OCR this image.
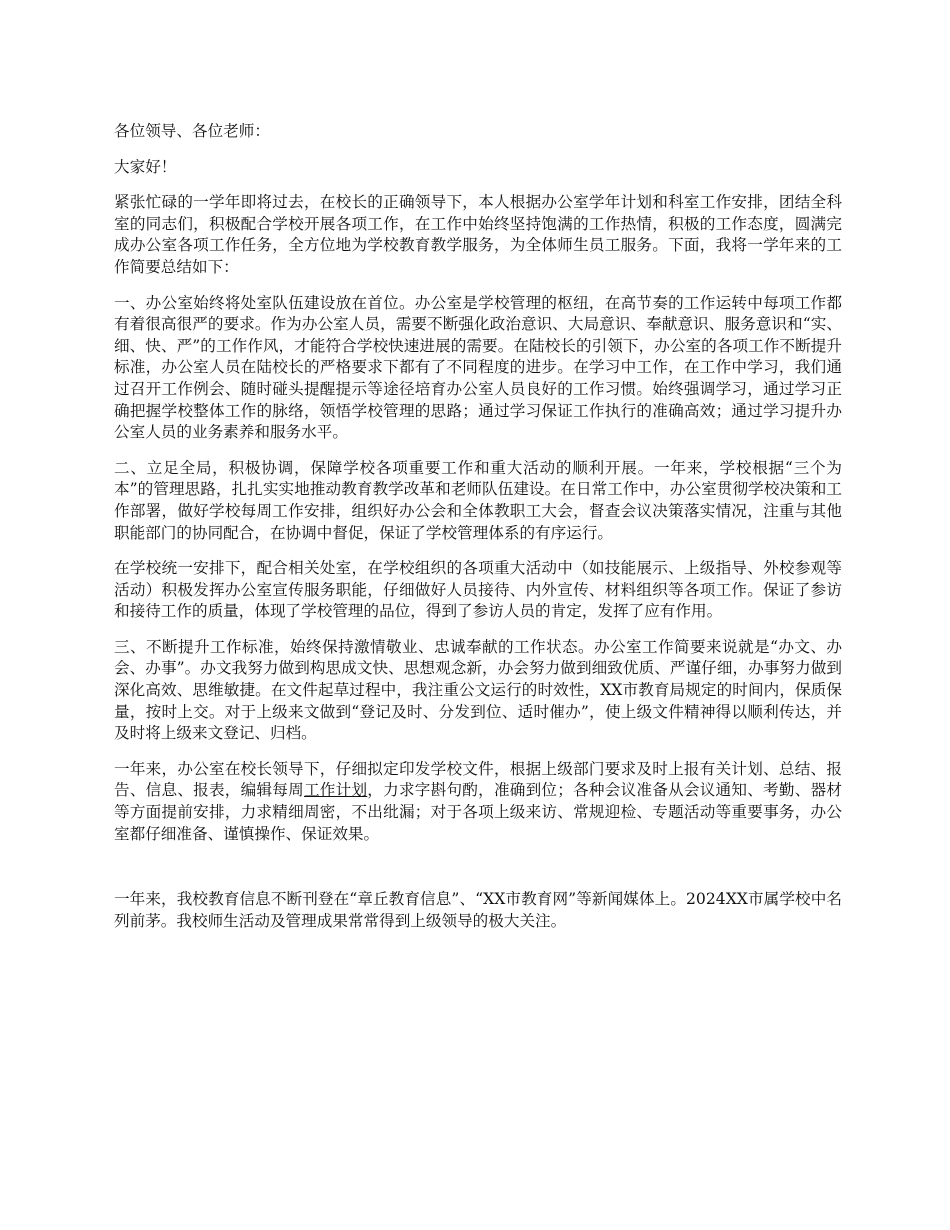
各位领导、各位老师：

大家好！

紧张忙碌的一学年即将过去，在校长的正确领导下，本人根据办公室学年计划和科室工作安排，团结全科室的同志们，积极配合学校开展各项工作，在工作中始终坚持饱满的工作热情，积极的工作态度，圆满完成办公室各项工作任务，全方位地为学校教育教学服务，为全体师生员工服务。下面，我将一学年来的工作简要总结如下：

一、办公室始终将处室队伍建设放在首位。办公室是学校管理的枢纽，在高节奏的工作运转中每项工作都有着很高很严的要求。作为办公室人员，需要不断强化政治意识、大局意识、奉献意识、服务意识和“实、细、快、严”的工作作风，才能符合学校快速进展的需要。在陆校长的引领下，办公室的各项工作不断提升标准，办公室人员在陆校长的严格要求下都有了不同程度的进步。在学习中工作，在工作中学习，我们通过召开工作例会、随时碰头提醒提示等途径培育办公室人员良好的工作习惯。始终强调学习，通过学习正确把握学校整体工作的脉络，领悟学校管理的思路；通过学习保证工作执行的准确高效；通过学习提升办公室人员的业务素养和服务水平。

二、立足全局，积极协调，保障学校各项重要工作和重大活动的顺利开展。一年来，学校根据“三个为本”的管理思路，扎扎实实地推动教育教学改革和老师队伍建设。在日常工作中，办公室贯彻学校决策和工作部署，做好学校每周工作安排，组织好办公会和全体教职工大会，督查会议决策落实情况，注重与其他职能部门的协同配合，在协调中督促，保证了学校管理体系的有序运行。

在学校统一安排下，配合相关处室，在学校组织的各项重大活动中（如技能展示、上级指导、外校参观等活动）积极发挥办公室宣传服务职能，仔细做好人员接待、内外宣传、材料组织等各项工作。保证了参访和接待工作的质量，体现了学校管理的品位，得到了参访人员的肯定，发挥了应有作用。

三、不断提升工作标准，始终保持激情敬业、忠诚奉献的工作状态。办公室工作简要来说就是“办文、办会、办事”。办文我努力做到构思成文快、思想观念新，办会努力做到细致优质、严谨仔细，办事努力做到深化高效、思维敏捷。在文件起草过程中，我注重公文运行的时效性，XX市教育局规定的时间内，保质保量，按时上交。对于上级来文做到“登记及时、分发到位、适时催办”，使上级文件精神得以顺利传达，并及时将上级来文登记、归档。

一年来，办公室在校长领导下，仔细拟定印发学校文件，根据上级部门要求及时上报有关计划、总结、报告、信息、报表，编辑每周工作计划，力求字斟句酌，准确到位；各种会议准备从会议通知、考勤、器材等方面提前安排，力求精细周密，不出纰漏；对于各项上级来访、常规迎检、专题活动等重要事务，办公室都仔细准备、谨慎操作、保证效果。

一年来，我校教育信息不断刊登在“章丘教育信息”、“XX市教育网”等新闻媒体上。2024XX市属学校中名列前茅。我校师生活动及管理成果常常得到上级领导的极大关注。
